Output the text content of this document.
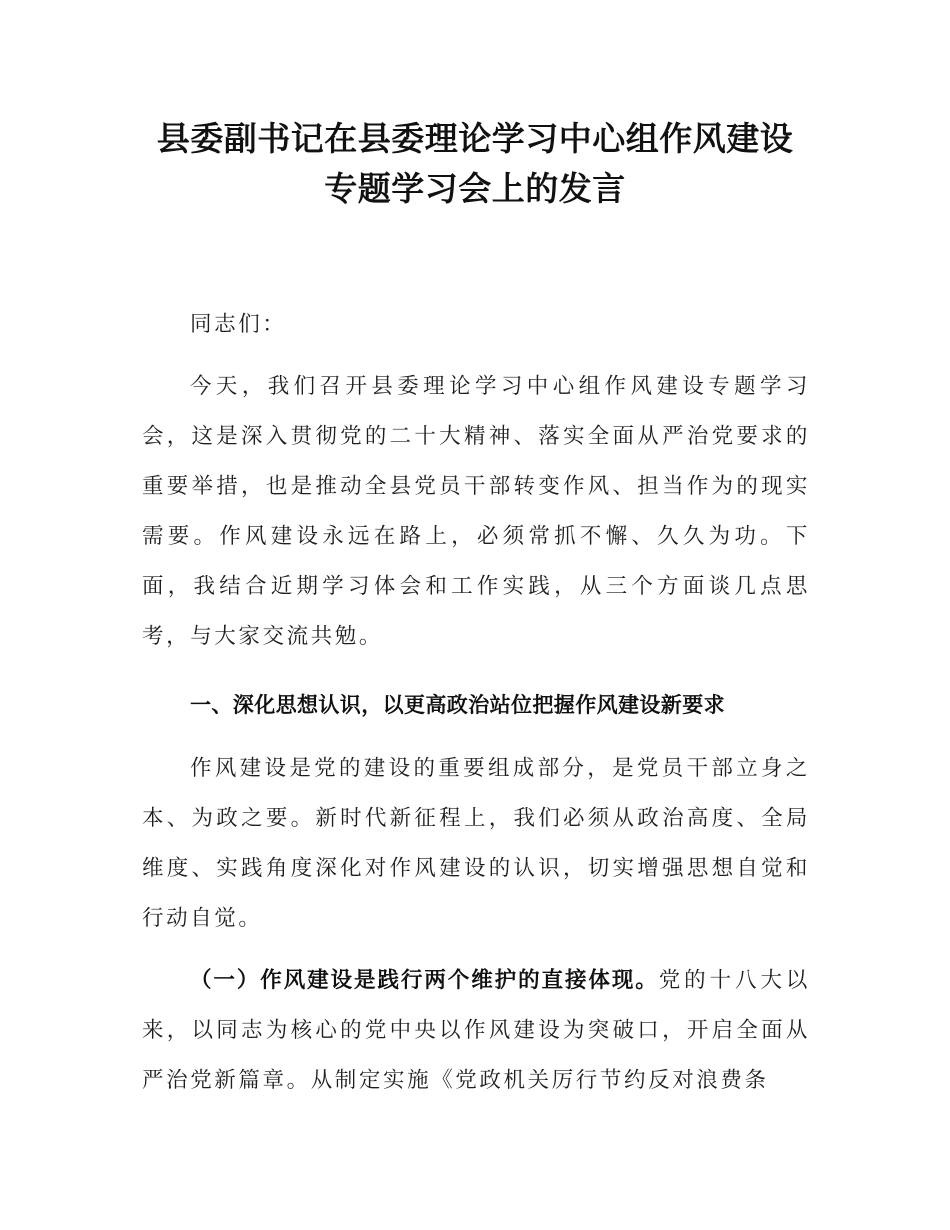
县委副书记在县委理论学习中心组作风建设
专题学习会上的发言
同志们：
今天，我们召开县委理论学习中心组作风建设专题学习会，这是深入贯彻党的二十大精神、落实全面从严治党要求的重要举措，也是推动全县党员干部转变作风、担当作为的现实需要。作风建设永远在路上，必须常抓不懈、久久为功。下面，我结合近期学习体会和工作实践，从三个方面谈几点思考，与大家交流共勉。
一、深化思想认识，以更高政治站位把握作风建设新要求
作风建设是党的建设的重要组成部分，是党员干部立身之本、为政之要。新时代新征程上，我们必须从政治高度、全局维度、实践角度深化对作风建设的认识，切实增强思想自觉和行动自觉。
（一）作风建设是践行两个维护的直接体现。党的十八大以来，以同志为核心的党中央以作风建设为突破口，开启全面从严治党新篇章。从制定实施《党政机关厉行节约反对浪费条
